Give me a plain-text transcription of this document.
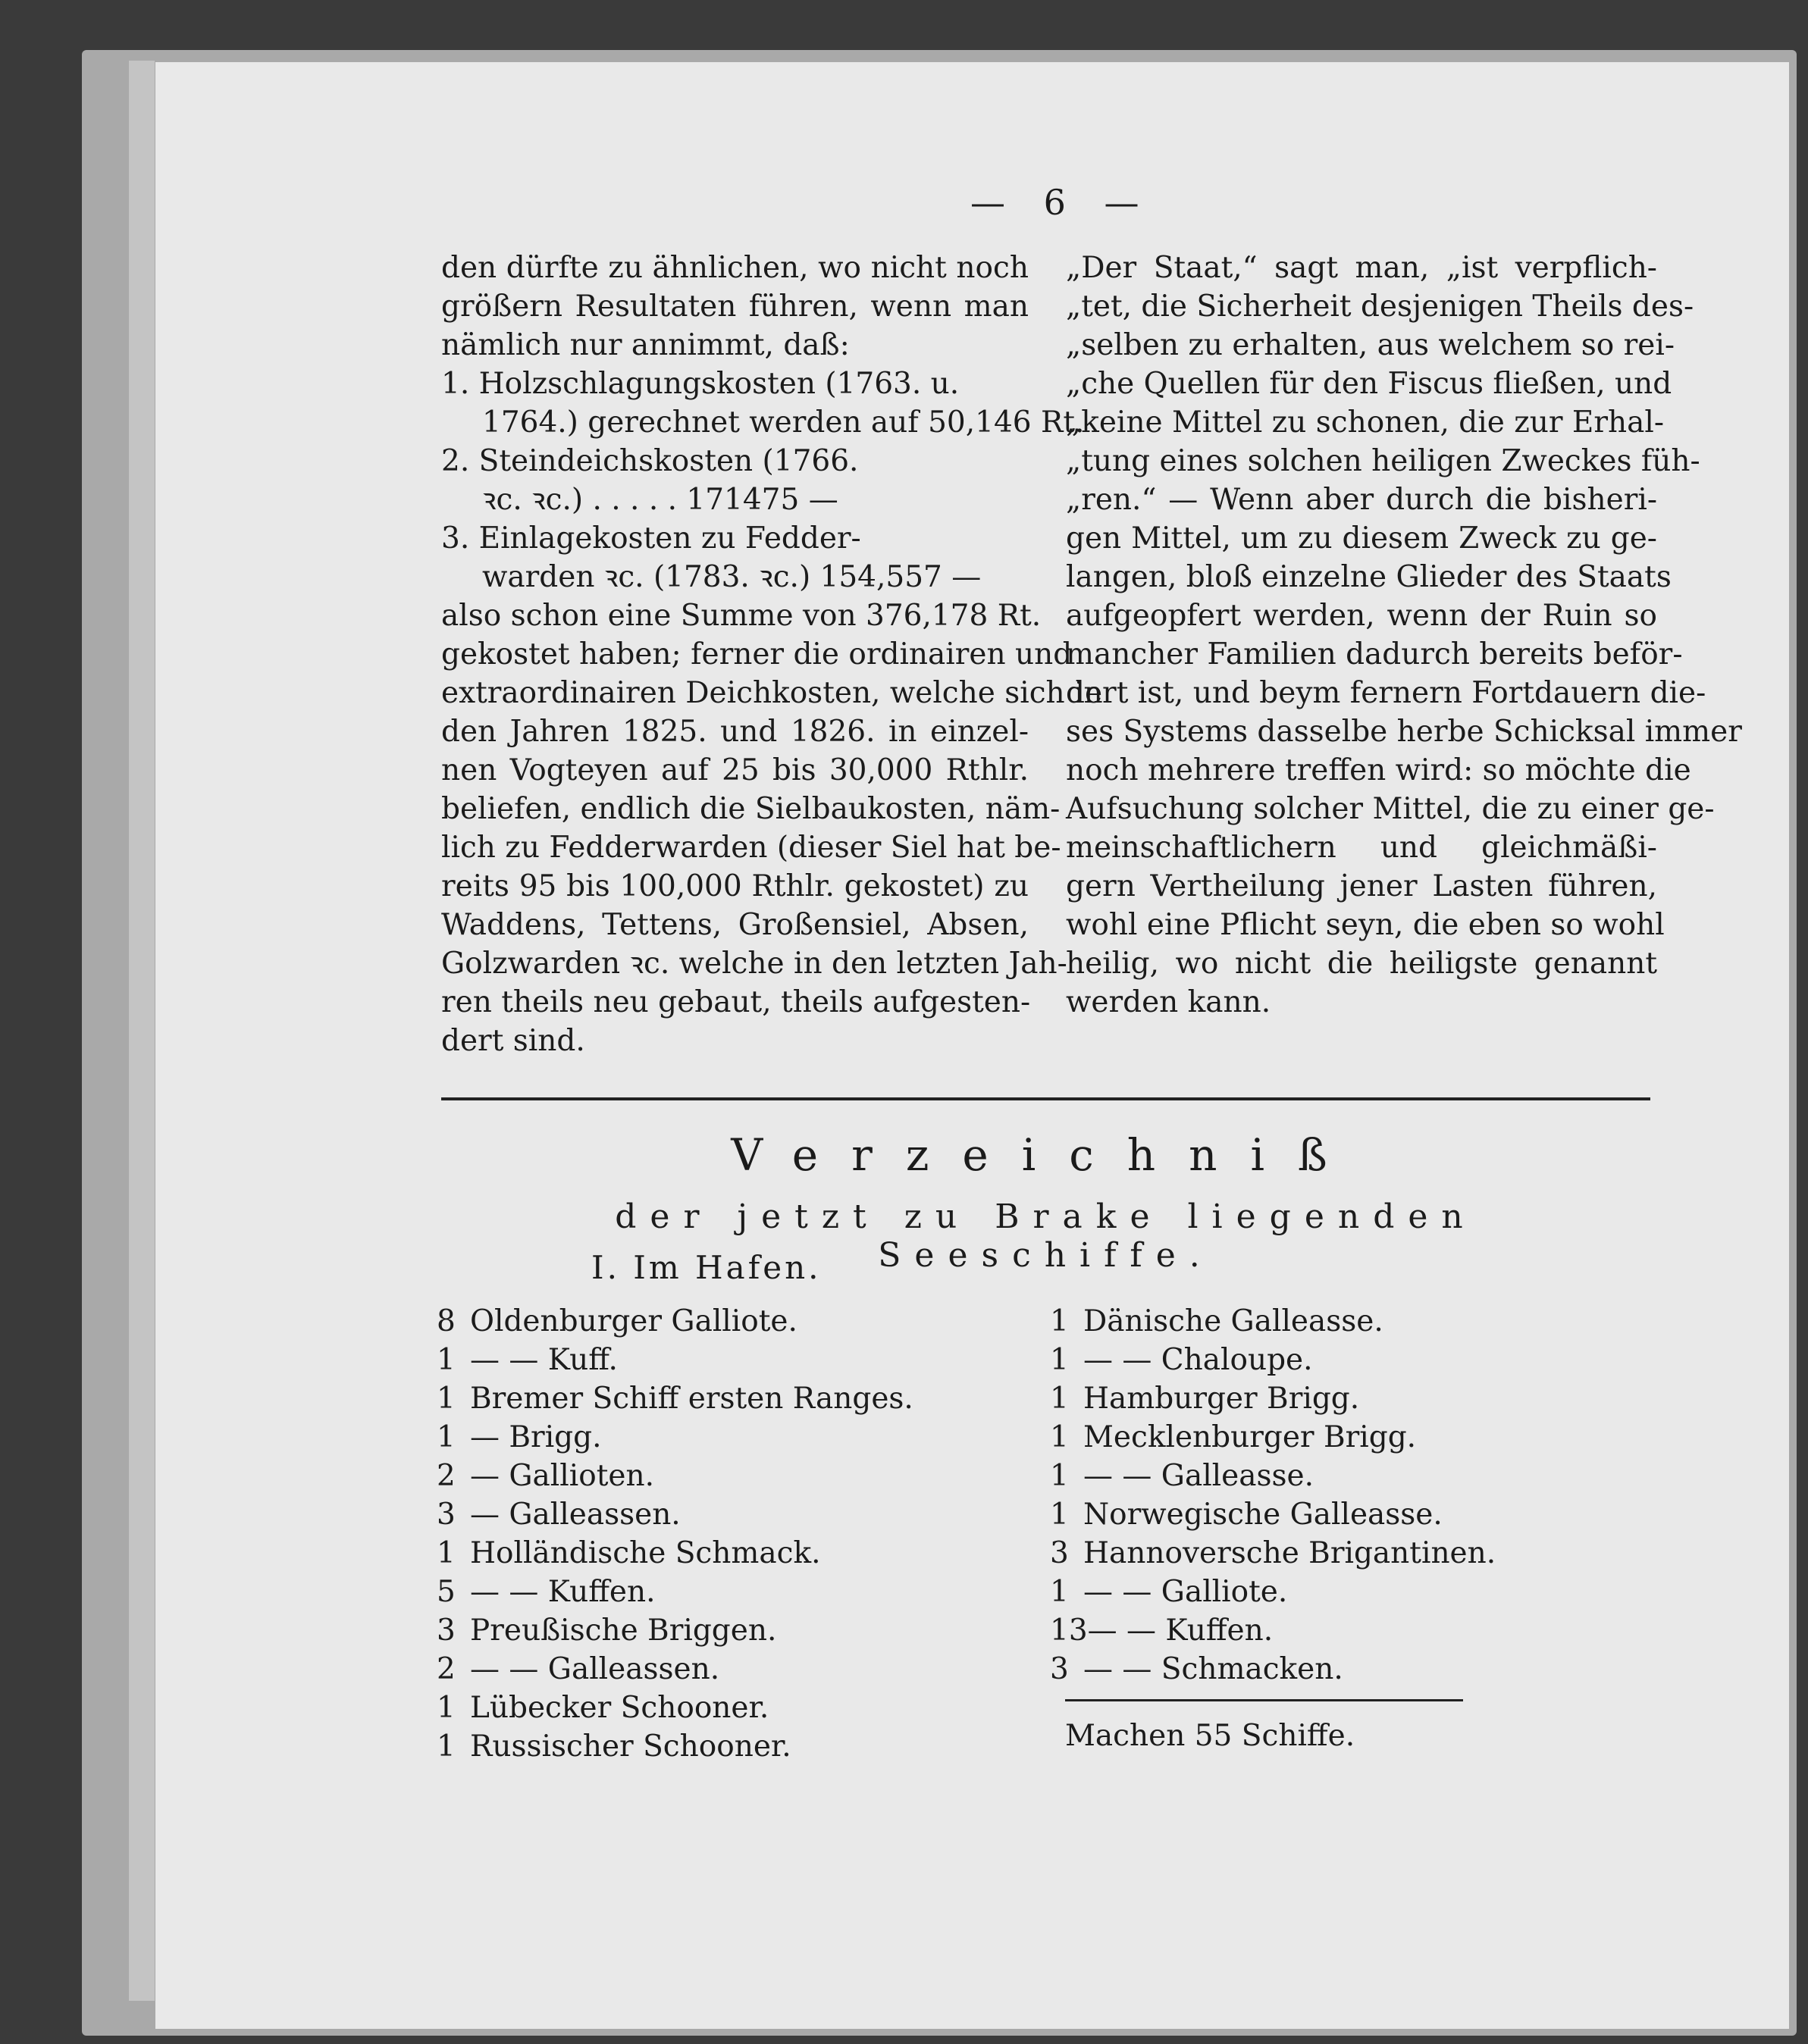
— 6 —
den dürfte zu ähnlichen, wo nicht noch
größern Resultaten führen, wenn man
nämlich nur annimmt, daß:
1. Holzschlagungskosten (1763. u.
1764.) gerechnet werden auf 50,146 Rt.
2. Steindeichskosten (1766.
ꝛc. ꝛc.) . . . . . 171475 —
3. Einlagekosten zu Fedder-
warden ꝛc. (1783. ꝛc.) 154,557 —
also schon eine Summe von 376,178 Rt.
gekostet haben; ferner die ordinairen und
extraordinairen Deichkosten, welche sich in
den Jahren 1825. und 1826. in einzel-
nen Vogteyen auf 25 bis 30,000 Rthlr.
beliefen, endlich die Sielbaukosten, näm-
lich zu Fedderwarden (dieser Siel hat be-
reits 95 bis 100,000 Rthlr. gekostet) zu
Waddens, Tettens, Großensiel, Absen,
Golzwarden ꝛc. welche in den letzten Jah-
ren theils neu gebaut, theils aufgesten-
dert sind.
„Der Staat,“ sagt man, „ist verpflich-
„tet, die Sicherheit desjenigen Theils des-
„selben zu erhalten, aus welchem so rei-
„che Quellen für den Fiscus fließen, und
„keine Mittel zu schonen, die zur Erhal-
„tung eines solchen heiligen Zweckes füh-
„ren.“ — Wenn aber durch die bisheri-
gen Mittel, um zu diesem Zweck zu ge-
langen, bloß einzelne Glieder des Staats
aufgeopfert werden, wenn der Ruin so
mancher Familien dadurch bereits beför-
dert ist, und beym fernern Fortdauern die-
ses Systems dasselbe herbe Schicksal immer
noch mehrere treffen wird: so möchte die
Aufsuchung solcher Mittel, die zu einer ge-
meinschaftlichern und gleichmäßi-
gern Vertheilung jener Lasten führen,
wohl eine Pflicht seyn, die eben so wohl
heilig, wo nicht die heiligste genannt
werden kann.
Verzeichniß
der jetzt zu Brake liegenden Seeschiffe.
I. Im Hafen.
8 Oldenburger Galliote.
1 — — Kuff.
1 Bremer Schiff ersten Ranges.
1 — Brigg.
2 — Gallioten.
3 — Galleassen.
1 Holländische Schmack.
5 — — Kuffen.
3 Preußische Briggen.
2 — — Galleassen.
1 Lübecker Schooner.
1 Russischer Schooner.
1 Dänische Galleasse.
1 — — Chaloupe.
1 Hamburger Brigg.
1 Mecklenburger Brigg.
1 — — Galleasse.
1 Norwegische Galleasse.
3 Hannoversche Brigantinen.
1 — — Galliote.
13 — — Kuffen.
3 — — Schmacken.
Machen 55 Schiffe.
